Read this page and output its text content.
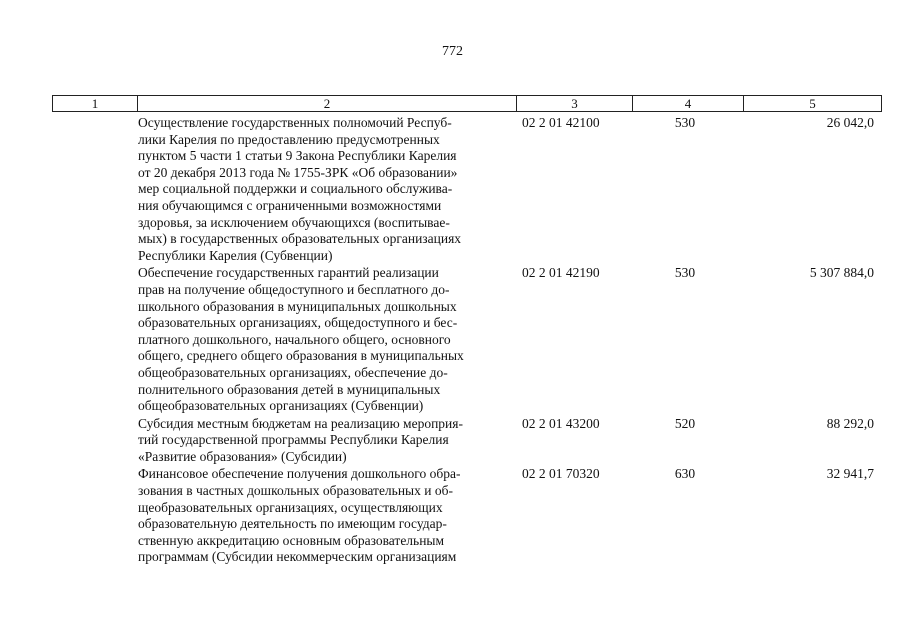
772
1	2	3	4	5
Осуществление государственных полномочий Респуб-
лики Карелия по предоставлению предусмотренных
пунктом 5 части 1 статьи 9 Закона Республики Карелия
от 20 декабря 2013 года № 1755-ЗРК «Об образовании»
мер социальной поддержки и социального обслужива-
ния обучающимся с ограниченными возможностями
здоровья, за исключением обучающихся (воспитывае-
мых) в государственных образовательных организациях
Республики Карелия (Субвенции)
02 2 01 42100	530	26 042,0
Обеспечение государственных гарантий реализации
прав на получение общедоступного и бесплатного до-
школьного образования в муниципальных дошкольных
образовательных организациях, общедоступного и бес-
платного дошкольного, начального общего, основного
общего, среднего общего образования в муниципальных
общеобразовательных организациях, обеспечение до-
полнительного образования детей в муниципальных
общеобразовательных организациях (Субвенции)
02 2 01 42190	530	5 307 884,0
Субсидия местным бюджетам на реализацию мероприя-
тий государственной программы Республики Карелия
«Развитие образования» (Субсидии)
02 2 01 43200	520	88 292,0
Финансовое обеспечение получения дошкольного обра-
зования в частных дошкольных образовательных и об-
щеобразовательных организациях, осуществляющих
образовательную деятельность по имеющим государ-
ственную аккредитацию основным образовательным
программам (Субсидии некоммерческим организациям
02 2 01 70320	630	32 941,7
